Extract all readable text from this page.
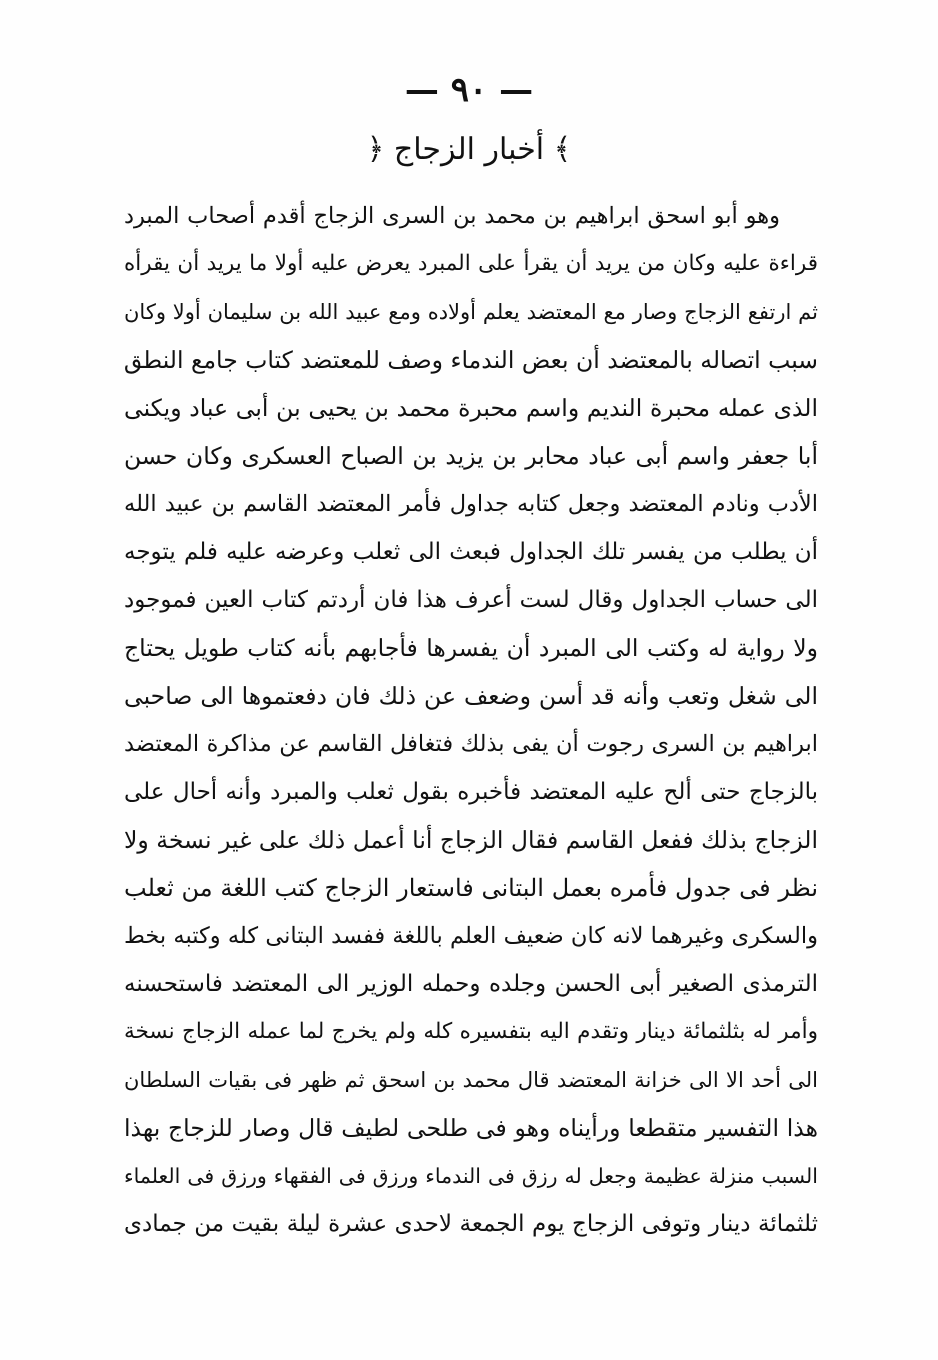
— ٩٠ —
﴿ أخبار الزجاج ﴾
وهو أبو اسحق ابراهيم بن محمد بن السرى الزجاج أقدم أصحاب المبرد
قراءة عليه وكان من يريد أن يقرأ على المبرد يعرض عليه أولا ما يريد أن يقرأه
ثم ارتفع الزجاج وصار مع المعتضد يعلم أولاده ومع عبيد الله بن سليمان أولا وكان
سبب اتصاله بالمعتضد أن بعض الندماء وصف للمعتضد كتاب جامع النطق
الذى عمله محبرة النديم واسم محبرة محمد بن يحيى بن أبى عباد ويكنى
أبا جعفر واسم أبى عباد محابر بن يزيد بن الصباح العسكرى وكان حسن
الأدب ونادم المعتضد وجعل كتابه جداول فأمر المعتضد القاسم بن عبيد الله
أن يطلب من يفسر تلك الجداول فبعث الى ثعلب وعرضه عليه فلم يتوجه
الى حساب الجداول وقال لست أعرف هذا فان أردتم كتاب العين فموجود
ولا رواية له وكتب الى المبرد أن يفسرها فأجابهم بأنه كتاب طويل يحتاج
الى شغل وتعب وأنه قد أسن وضعف عن ذلك فان دفعتموها الى صاحبى
ابراهيم بن السرى رجوت أن يفى بذلك فتغافل القاسم عن مذاكرة المعتضد
بالزجاج حتى ألح عليه المعتضد فأخبره بقول ثعلب والمبرد وأنه أحال على
الزجاج بذلك ففعل القاسم فقال الزجاج أنا أعمل ذلك على غير نسخة ولا
نظر فى جدول فأمره بعمل البتانى فاستعار الزجاج كتب اللغة من ثعلب
والسكرى وغيرهما لانه كان ضعيف العلم باللغة ففسد البتانى كله وكتبه بخط
الترمذى الصغير أبى الحسن وجلده وحمله الوزير الى المعتضد فاستحسنه
وأمر له بثلثمائة دينار وتقدم اليه بتفسيره كله ولم يخرج لما عمله الزجاج نسخة
الى أحد الا الى خزانة المعتضد قال محمد بن اسحق ثم ظهر فى بقيات السلطان
هذا التفسير متقطعا ورأيناه وهو فى طلحى لطيف قال وصار للزجاج بهذا
السبب منزلة عظيمة وجعل له رزق فى الندماء ورزق فى الفقهاء ورزق فى العلماء
ثلثمائة دينار وتوفى الزجاج يوم الجمعة لاحدى عشرة ليلة بقيت من جمادى
